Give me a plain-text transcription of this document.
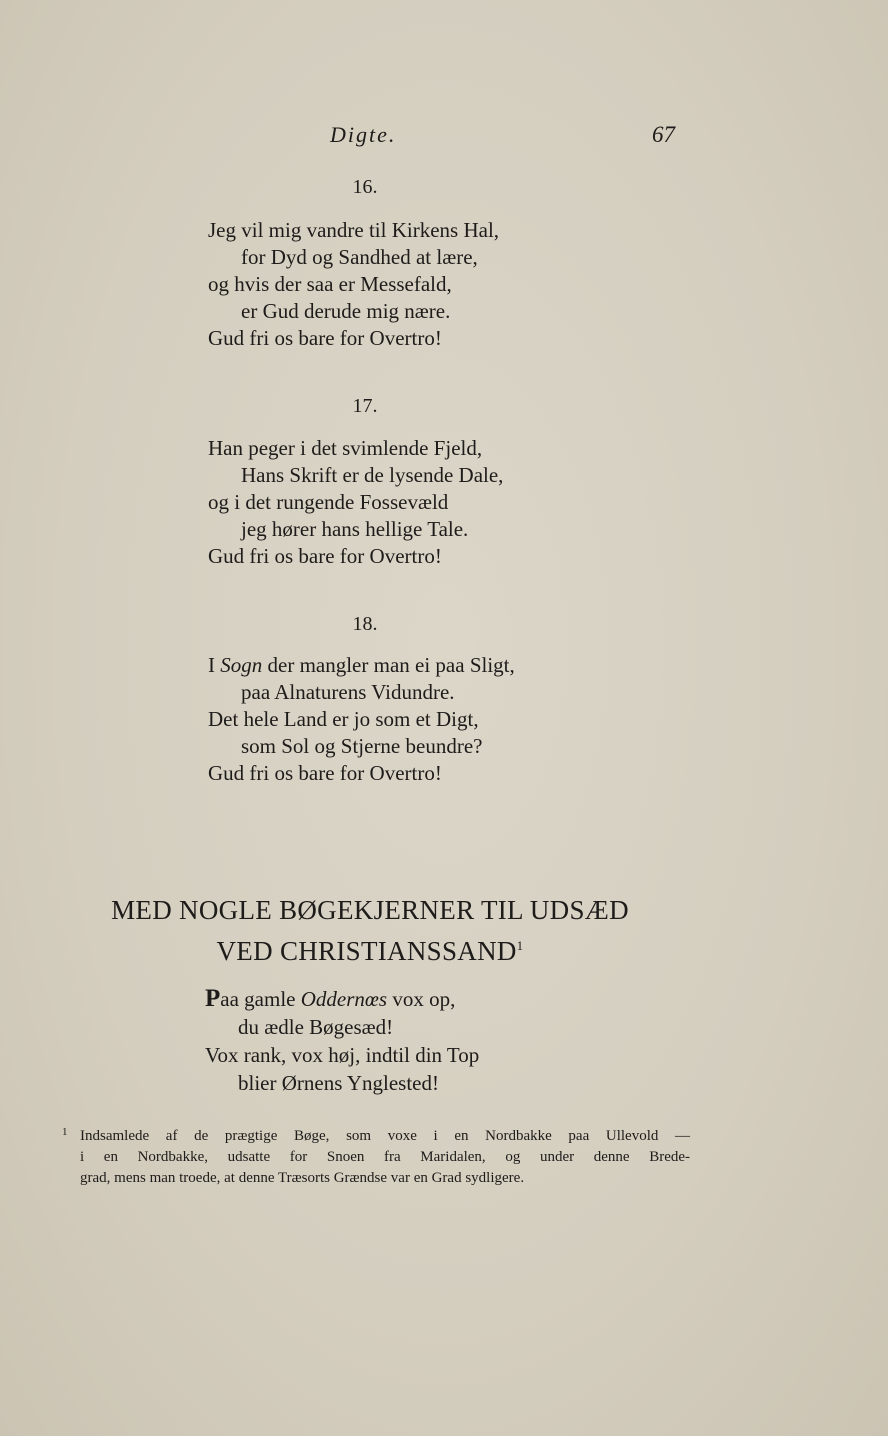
Digte.	67
16.
Jeg vil mig vandre til Kirkens Hal,
for Dyd og Sandhed at lære,
og hvis der saa er Messefald,
er Gud derude mig nære.
Gud fri os bare for Overtro!
17.
Han peger i det svimlende Fjeld,
Hans Skrift er de lysende Dale,
og i det rungende Fossevæld
jeg hører hans hellige Tale.
Gud fri os bare for Overtro!
18.
I Sogn der mangler man ei paa Sligt,
paa Alnaturens Vidundre.
Det hele Land er jo som et Digt,
som Sol og Stjerne beundre?
Gud fri os bare for Overtro!
MED NOGLE BØGEKJERNER TIL UDSÆD
VED CHRISTIANSSAND$^1$
Paa gamle Oddernœs vox op,
du ædle Bøgesæd!
Vox rank, vox høj, indtil din Top
blier Ørnens Ynglested!
1 Indsamlede af de prægtige Bøge, som voxe i en Nordbakke paa Ullevold —
i en Nordbakke, udsatte for Snoen fra Maridalen, og under denne Brede-
grad, mens man troede, at denne Træsorts Grændse var en Grad sydligere.
